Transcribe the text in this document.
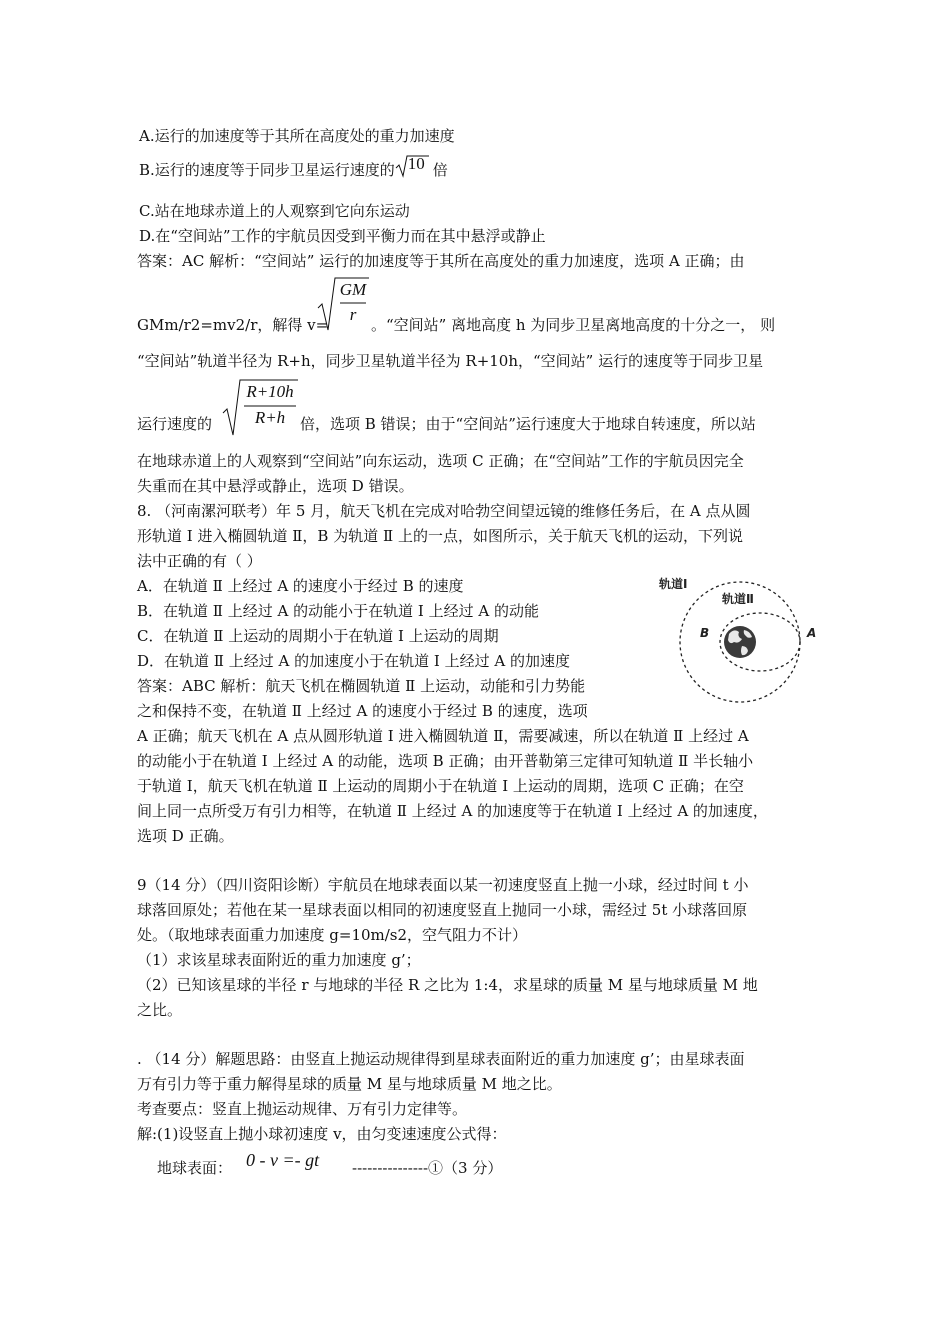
A.运行的加速度等于其所在高度处的重力加速度
B.运行的速度等于同步卫星运行速度的 10 倍
C.站在地球赤道上的人观察到它向东运动
D.在“空间站”工作的宇航员因受到平衡力而在其中悬浮或静止
答案：AC 解析：“空间站” 运行的加速度等于其所在高度处的重力加速度，选项 A 正确；由
GMm/r2=mv2/r，解得 v=
GM
r
。“空间站” 离地高度 h 为同步卫星离地高度的十分之一， 则
“空间站”轨道半径为 R+h，同步卫星轨道半径为 R+10h，“空间站” 运行的速度等于同步卫星
运行速度的
R+10h
R+h 倍，选项 B 错误；由于“空间站”运行速度大于地球自转速度，所以站
在地球赤道上的人观察到“空间站”向东运动，选项 C 正确；在“空间站”工作的宇航员因完全
失重而在其中悬浮或静止，选项 D 错误。
8. （河南漯河联考）年 5 月，航天飞机在完成对哈勃空间望远镜的维修任务后，在 A 点从圆
形轨道 Ⅰ 进入椭圆轨道 Ⅱ，B 为轨道 Ⅱ 上的一点，如图所示，关于航天飞机的运动，下列说
法中正确的有（ ）
A．在轨道 Ⅱ 上经过 A 的速度小于经过 B 的速度
B．在轨道 Ⅱ 上经过 A 的动能小于在轨道 Ⅰ 上经过 A 的动能
C．在轨道 Ⅱ 上运动的周期小于在轨道 Ⅰ 上运动的周期
D．在轨道 Ⅱ 上经过 A 的加速度小于在轨道 Ⅰ 上经过 A 的加速度
答案：ABC 解析：航天飞机在椭圆轨道 Ⅱ 上运动，动能和引力势能
之和保持不变，在轨道 Ⅱ 上经过 A 的速度小于经过 B 的速度，选项
A 正确；航天飞机在 A 点从圆形轨道 Ⅰ 进入椭圆轨道 Ⅱ，需要减速，所以在轨道 Ⅱ 上经过 A
的动能小于在轨道 Ⅰ 上经过 A 的动能，选项 B 正确；由开普勒第三定律可知轨道 Ⅱ 半长轴小
于轨道 I，航天飞机在轨道 Ⅱ 上运动的周期小于在轨道 Ⅰ 上运动的周期，选项 C 正确；在空
间上同一点所受万有引力相等，在轨道 Ⅱ 上经过 A 的加速度等于在轨道 Ⅰ 上经过 A 的加速度，
选项 D 正确。
轨道Ⅰ
轨道Ⅱ
B	A
9（14 分）（四川资阳诊断）宇航员在地球表面以某一初速度竖直上抛一小球，经过时间 t 小
球落回原处；若他在某一星球表面以相同的初速度竖直上抛同一小球，需经过 5t 小球落回原
处。（取地球表面重力加速度 g=10m/s2，空气阻力不计）
（1）求该星球表面附近的重力加速度 g’；
（2）已知该星球的半径 r 与地球的半径 R 之比为 1:4，求星球的质量 M 星与地球质量 M 地
之比。
. （14 分）解题思路：由竖直上抛运动规律得到星球表面附近的重力加速度 g’；由星球表面
万有引力等于重力解得星球的质量 M 星与地球质量 M 地之比。
考查要点：竖直上抛运动规律、万有引力定律等。
解:(1)设竖直上抛小球初速度 v，由匀变速速度公式得：
地球表面： 0 - v =- gt ---------------①（3 分）
